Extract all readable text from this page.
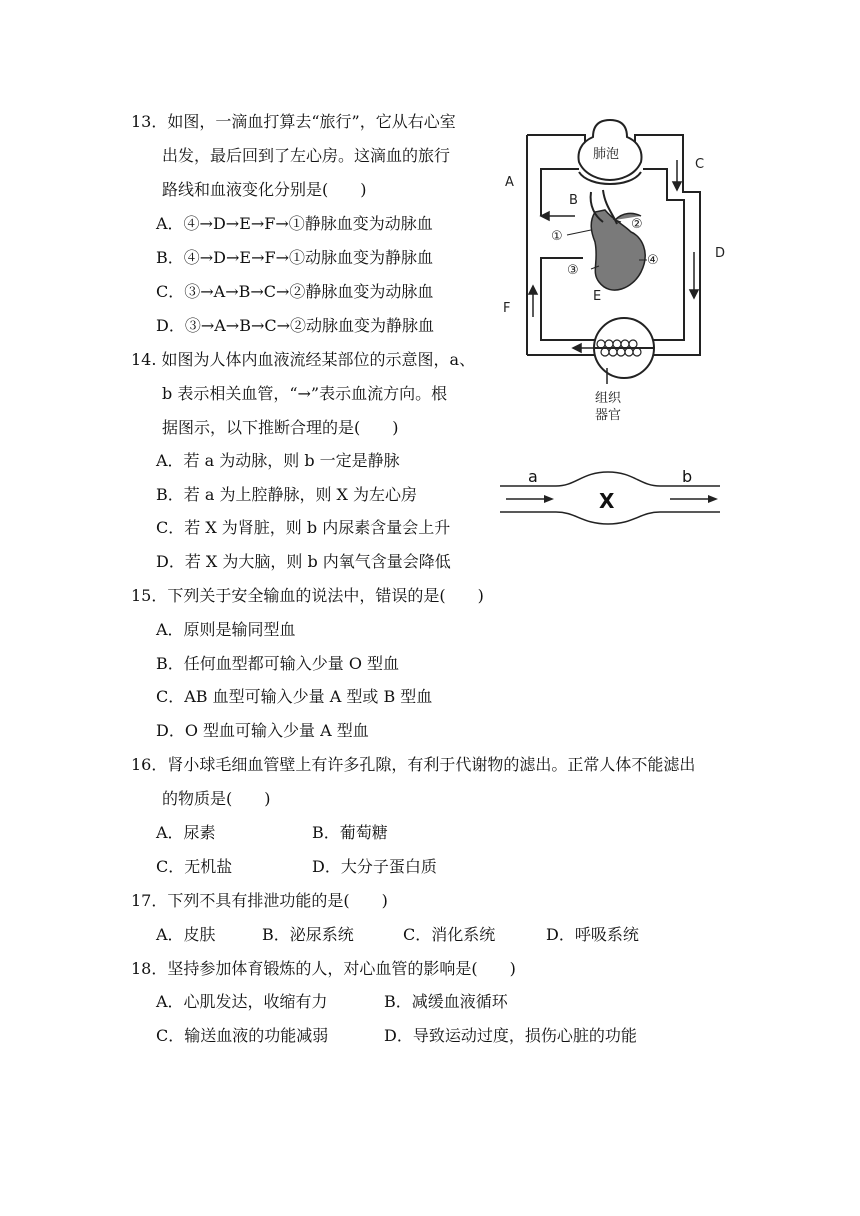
13．如图，一滴血打算去“旅行”，它从右心室
出发，最后回到了左心房。这滴血的旅行
路线和血液变化分别是(　　)
A．④→D→E→F→①静脉血变为动脉血
B．④→D→E→F→①动脉血变为静脉血
C．③→A→B→C→②静脉血变为动脉血
D．③→A→B→C→②动脉血变为静脉血
14. 如图为人体内血液流经某部位的示意图，a、
b 表示相关血管，“→”表示血流方向。根
据图示，以下推断合理的是(　　)
A．若 a 为动脉，则 b 一定是静脉
B．若 a 为上腔静脉，则 X 为左心房
C．若 X 为肾脏，则 b 内尿素含量会上升
D．若 X 为大脑，则 b 内氧气含量会降低
15．下列关于安全输血的说法中，错误的是(　　)
A．原则是输同型血
B．任何血型都可输入少量 O 型血
C．AB 血型可输入少量 A 型或 B 型血
D．O 型血可输入少量 A 型血
16．肾小球毛细血管壁上有许多孔隙，有利于代谢物的滤出。正常人体不能滤出
的物质是(　　)
A．尿素	B．葡萄糖
C．无机盐	D．大分子蛋白质
17．下列不具有排泄功能的是(　　)
A．皮肤	B．泌尿系统	C．消化系统	D．呼吸系统
18．坚持参加体育锻炼的人，对心血管的影响是(　　)
A．心肌发达，收缩有力	B．减缓血液循环
C．输送血液的功能减弱	D．导致运动过度，损伤心脏的功能
肺泡
A
B
C
D
E
F
①
②
③
④
组织
器官
a	b
X
